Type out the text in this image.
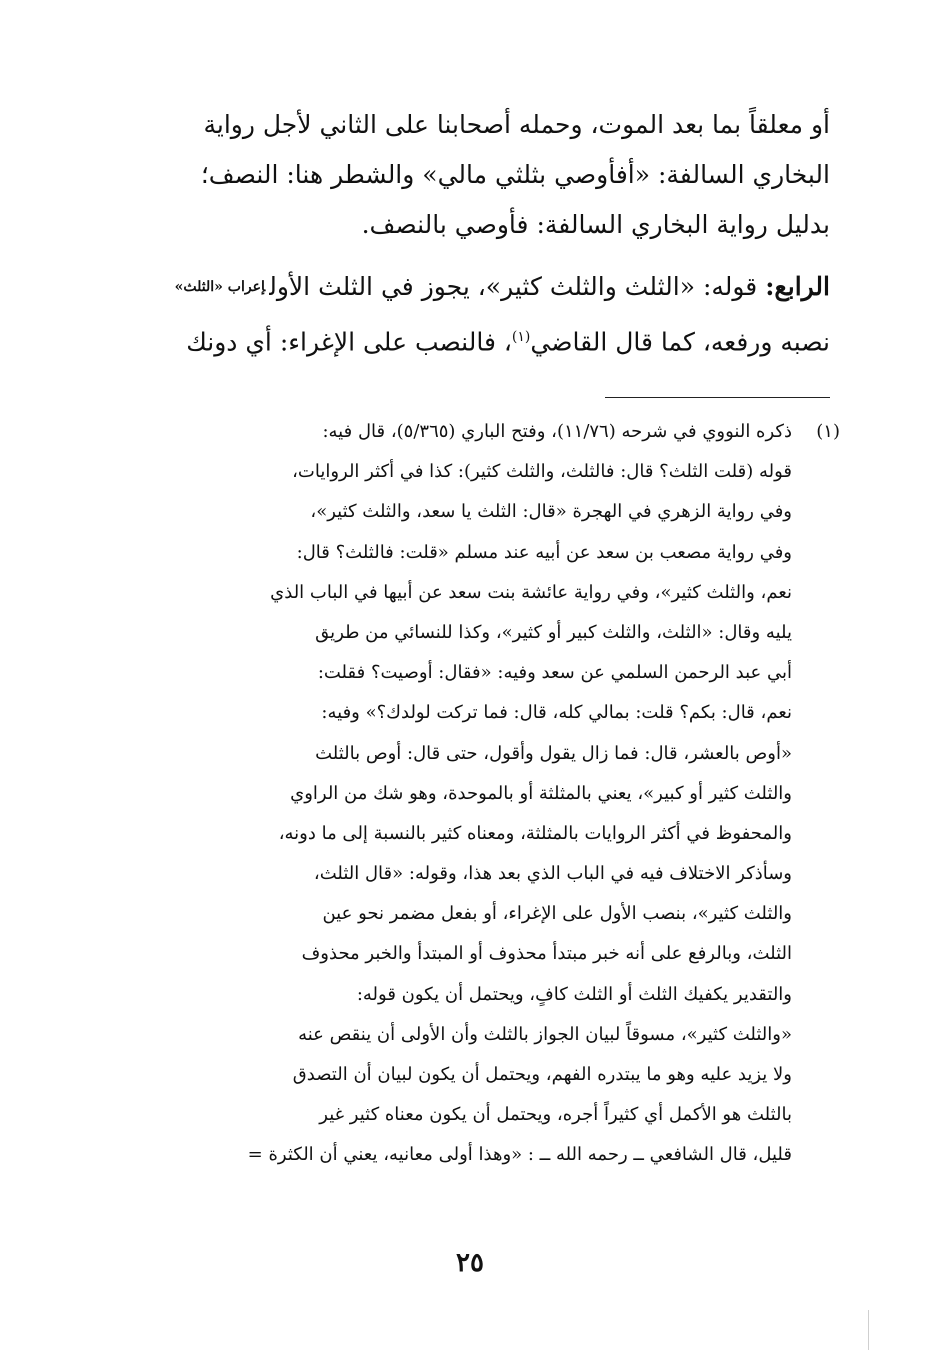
أو معلقاً بما بعد الموت، وحمله أصحابنا على الثاني لأجل رواية
البخاري السالفة: «أفأوصي بثلثي مالي» والشطر هنا: النصف؛
بدليل رواية البخاري السالفة: فأوصي بالنصف.
الرابع: قوله: «الثلث والثلث كثير»، يجوز في الثلث الأول$^{إعراب «الثلث»}$
نصبه ورفعه، كما قال القاضي$^{(١)}$، فالنصب على الإغراء: أي دونك
(١)
ذكره النووي في شرحه (١١/٧٦)، وفتح الباري (٥/٣٦٥)، قال فيه:
قوله (قلت الثلث؟ قال: فالثلث، والثلث كثير): كذا في أكثر الروايات،
وفي رواية الزهري في الهجرة «قال: الثلث يا سعد، والثلث كثير»،
وفي رواية مصعب بن سعد عن أبيه عند مسلم «قلت: فالثلث؟ قال:
نعم، والثلث كثير»، وفي رواية عائشة بنت سعد عن أبيها في الباب الذي
يليه وقال: «الثلث، والثلث كبير أو كثير»، وكذا للنسائي من طريق
أبي عبد الرحمن السلمي عن سعد وفيه: «فقال: أوصيت؟ فقلت:
نعم، قال: بكم؟ قلت: بمالي كله، قال: فما تركت لولدك؟» وفيه:
«أوص بالعشر، قال: فما زال يقول وأقول، حتى قال: أوص بالثلث
والثلث كثير أو كبير»، يعني بالمثلثة أو بالموحدة، وهو شك من الراوي
والمحفوظ في أكثر الروايات بالمثلثة، ومعناه كثير بالنسبة إلى ما دونه،
وسأذكر الاختلاف فيه في الباب الذي بعد هذا، وقوله: «قال الثلث،
والثلث كثير»، بنصب الأول على الإغراء، أو بفعل مضمر نحو عين
الثلث، وبالرفع على أنه خبر مبتدأ محذوف أو المبتدأ والخبر محذوف
والتقدير يكفيك الثلث أو الثلث كافٍ، ويحتمل أن يكون قوله:
«والثلث كثير»، مسوقاً لبيان الجواز بالثلث وأن الأولى أن ينقص عنه
ولا يزيد عليه وهو ما يبتدره الفهم، ويحتمل أن يكون لبيان أن التصدق
بالثلث هو الأكمل أي كثيراً أجره، ويحتمل أن يكون معناه كثير غير
قليل، قال الشافعي ــ رحمه الله ــ : «وهذا أولى معانيه، يعني أن الكثرة =
٢٥
